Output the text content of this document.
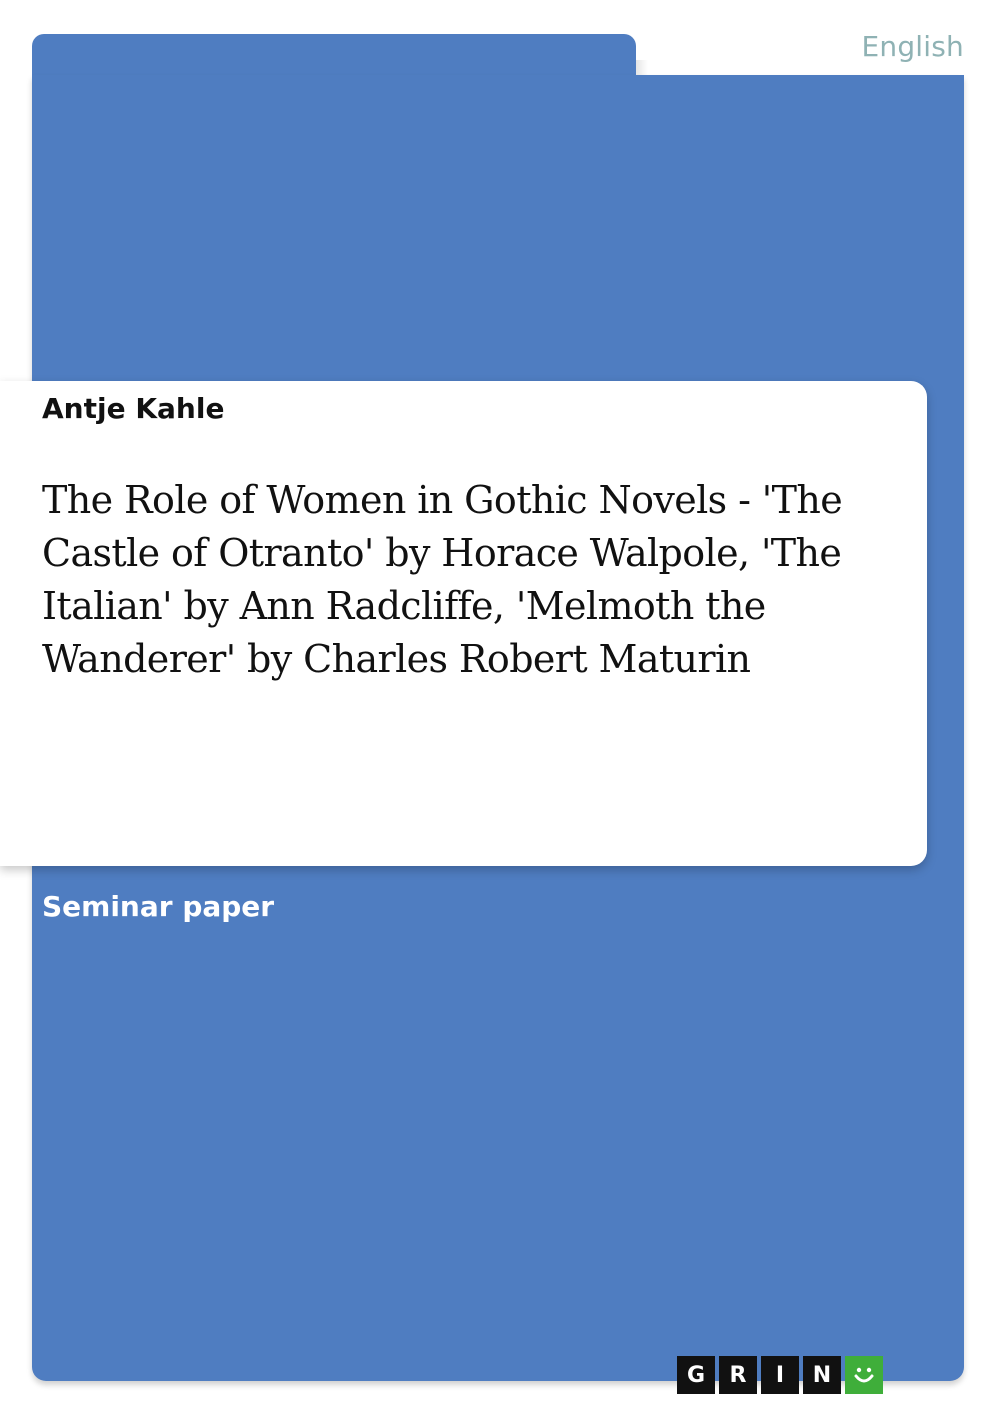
English
Antje Kahle
The Role of Women in Gothic Novels - 'The Castle of Otranto' by Horace Walpole, 'The Italian' by Ann Radcliffe, 'Melmoth the Wanderer' by Charles Robert Maturin
Seminar paper
G	R	I	N
